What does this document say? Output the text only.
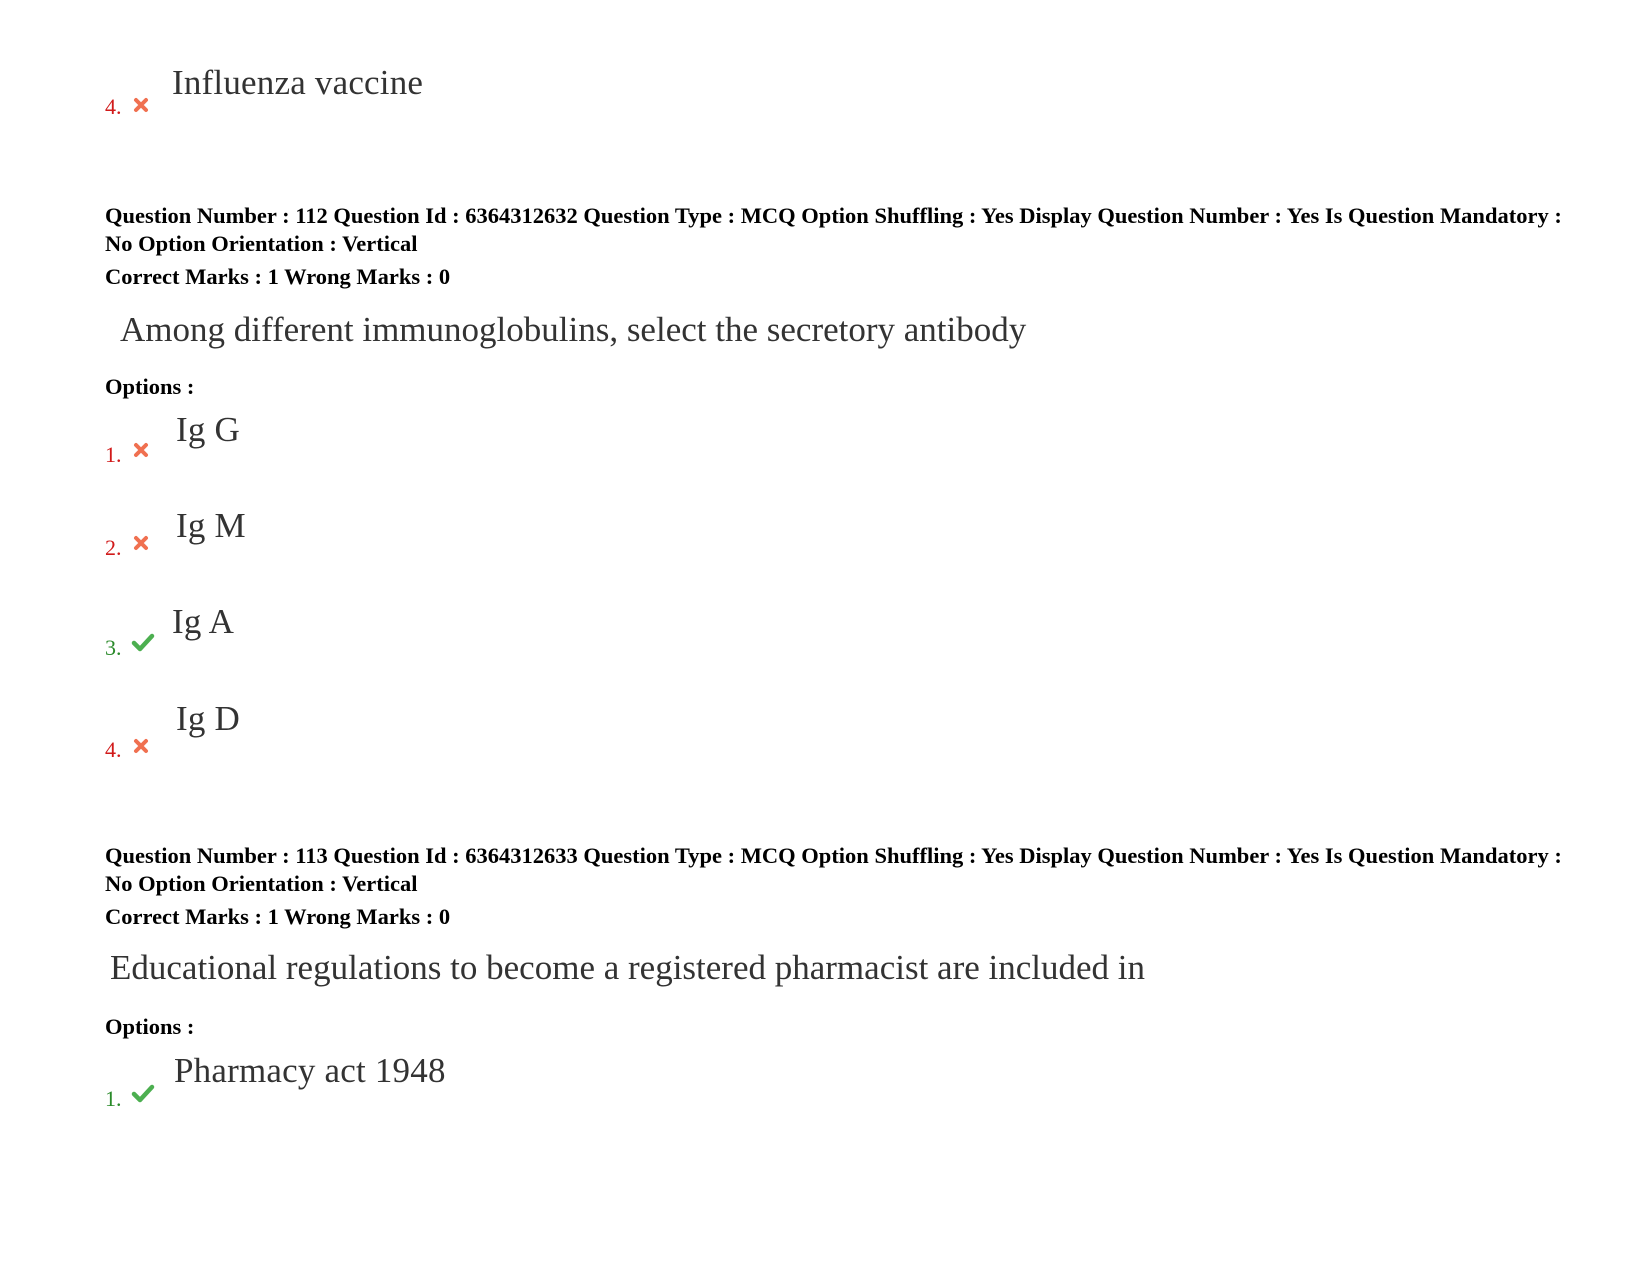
4.
Influenza vaccine
Question Number : 112 Question Id : 6364312632 Question Type : MCQ Option Shuffling : Yes Display Question Number : Yes Is Question Mandatory : No Option Orientation : Vertical
Correct Marks : 1 Wrong Marks : 0
Among different immunoglobulins, select the secretory antibody
Options :
1.
Ig G
2.
Ig M
3.
Ig A
4.
Ig D
Question Number : 113 Question Id : 6364312633 Question Type : MCQ Option Shuffling : Yes Display Question Number : Yes Is Question Mandatory : No Option Orientation : Vertical
Correct Marks : 1 Wrong Marks : 0
Educational regulations to become a registered pharmacist are included in
Options :
1.
Pharmacy act 1948
